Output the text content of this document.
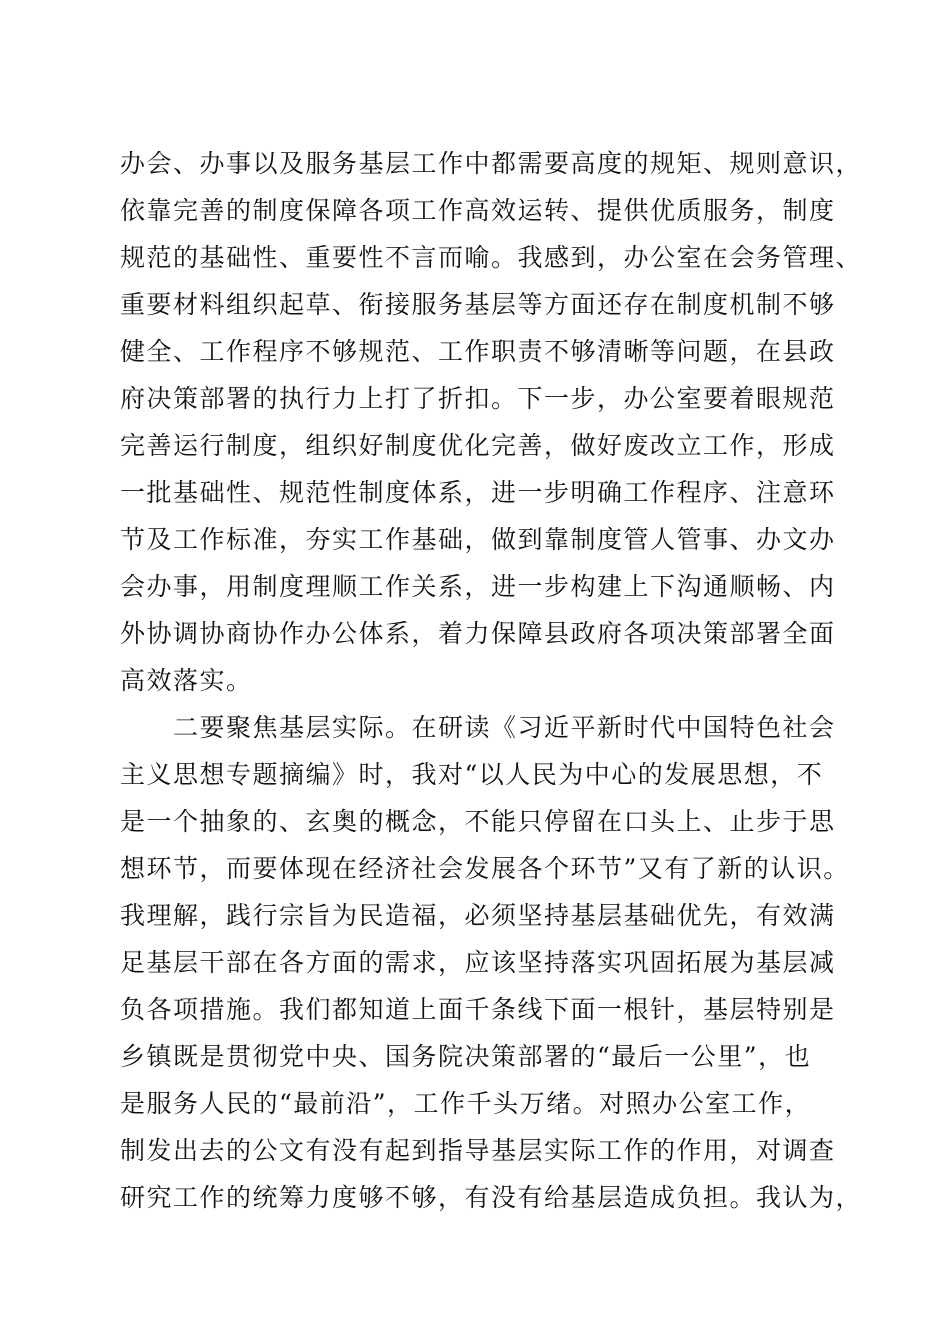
办会、办事以及服务基层工作中都需要高度的规矩、规则意识，
依靠完善的制度保障各项工作高效运转、提供优质服务，制度
规范的基础性、重要性不言而喻。我感到，办公室在会务管理、
重要材料组织起草、衔接服务基层等方面还存在制度机制不够
健全、工作程序不够规范、工作职责不够清晰等问题，在县政
府决策部署的执行力上打了折扣。下一步，办公室要着眼规范
完善运行制度，组织好制度优化完善，做好废改立工作，形成
一批基础性、规范性制度体系，进一步明确工作程序、注意环
节及工作标准，夯实工作基础，做到靠制度管人管事、办文办
会办事，用制度理顺工作关系，进一步构建上下沟通顺畅、内
外协调协商协作办公体系，着力保障县政府各项决策部署全面
高效落实。

　　二要聚焦基层实际。在研读《习近平新时代中国特色社会
主义思想专题摘编》时，我对“以人民为中心的发展思想，不
是一个抽象的、玄奥的概念，不能只停留在口头上、止步于思
想环节，而要体现在经济社会发展各个环节”又有了新的认识。
我理解，践行宗旨为民造福，必须坚持基层基础优先，有效满
足基层干部在各方面的需求，应该坚持落实巩固拓展为基层减
负各项措施。我们都知道上面千条线下面一根针，基层特别是
乡镇既是贯彻党中央、国务院决策部署的“最后一公里”，也
是服务人民的“最前沿”，工作千头万绪。对照办公室工作，
制发出去的公文有没有起到指导基层实际工作的作用，对调查
研究工作的统筹力度够不够，有没有给基层造成负担。我认为，
